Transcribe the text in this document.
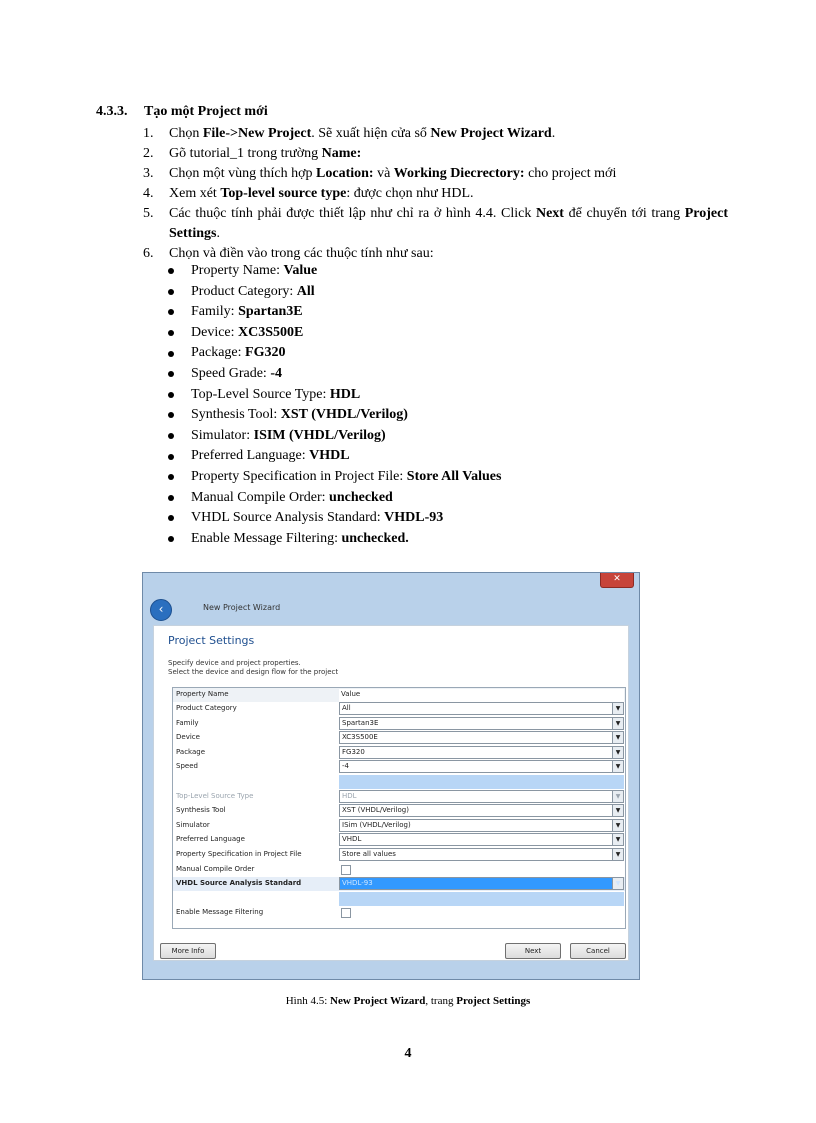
4.3.3. Tạo một Project mới
1.	Chọn File->New Project. Sẽ xuất hiện cửa sổ New Project Wizard.
2.	Gõ tutorial_1 trong trường Name:
3.	Chọn một vùng thích hợp Location: và Working Diecrectory: cho project mới
4.	Xem xét Top-level source type: được chọn như HDL.
5.	Các thuộc tính phải được thiết lập như chỉ ra ở hình 4.4. Click Next để chuyển tới trang Project Settings.
6.	Chọn và điền vào trong các thuộc tính như sau:
Property Name: Value
Product Category: All
Family: Spartan3E
Device: XC3S500E
Package: FG320
Speed Grade: -4
Top-Level Source Type: HDL
Synthesis Tool: XST (VHDL/Verilog)
Simulator: ISIM (VHDL/Verilog)
Preferred Language: VHDL
Property Specification in Project File: Store All Values
Manual Compile Order: unchecked
VHDL Source Analysis Standard: VHDL-93
Enable Message Filtering: unchecked.
✕
‹	New Project Wizard
Project Settings
Specify device and project properties.
Select the device and design flow for the project
Property Name	Value
Product Category	All	▼
Family	Spartan3E	▼
Device	XC3S500E	▼
Package	FG320	▼
Speed	-4	▼
Top-Level Source Type	HDL	▼
Synthesis Tool	XST (VHDL/Verilog)	▼
Simulator	ISim (VHDL/Verilog)	▼
Preferred Language	VHDL	▼
Property Specification in Project File	Store all values	▼
Manual Compile Order
VHDL Source Analysis Standard	VHDL-93	▼
Enable Message Filtering
More Info	Next	Cancel
Hình 4.5: New Project Wizard, trang Project Settings
4
